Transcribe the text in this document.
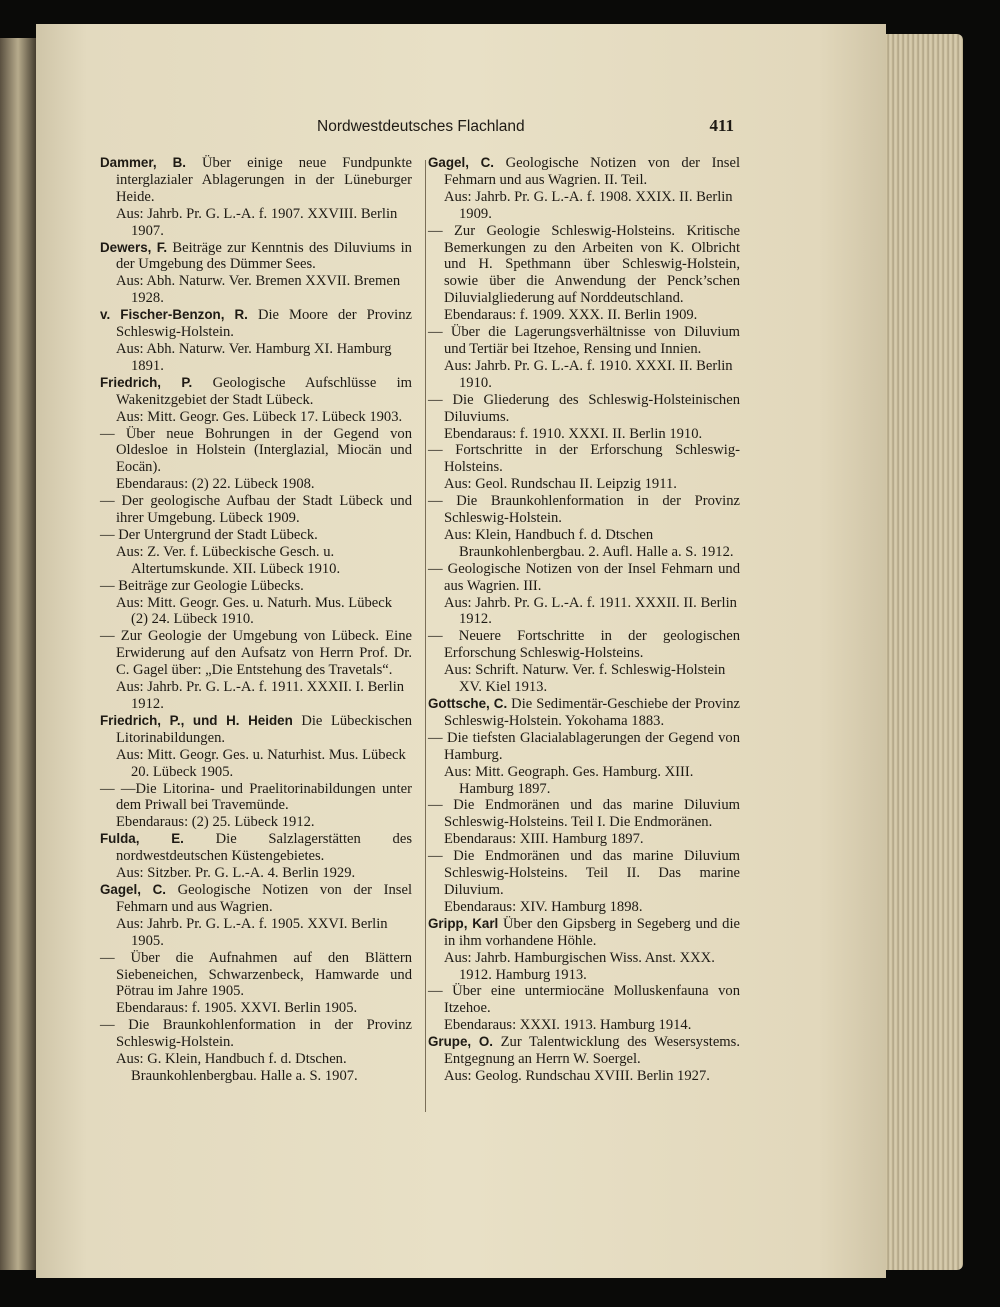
Nordwestdeutsches Flachland	411

Dammer, B. Über einige neue Fundpunkte interglazialer Ablagerungen in der Lüneburger Heide.

Aus: Jahrb. Pr. G. L.-A. f. 1907. XXVIII. Berlin 1907.

Dewers, F. Beiträge zur Kenntnis des Diluviums in der Umgebung des Dümmer Sees.

Aus: Abh. Naturw. Ver. Bremen XXVII. Bremen 1928.

v. Fischer-Benzon, R. Die Moore der Provinz Schleswig-Holstein.

Aus: Abh. Naturw. Ver. Hamburg XI. Hamburg 1891.

Friedrich, P. Geologische Aufschlüsse im Wakenitzgebiet der Stadt Lübeck.

Aus: Mitt. Geogr. Ges. Lübeck 17. Lübeck 1903.

— Über neue Bohrungen in der Gegend von Oldesloe in Holstein (Interglazial, Miocän und Eocän).

Ebendaraus: (2) 22. Lübeck 1908.

— Der geologische Aufbau der Stadt Lübeck und ihrer Umgebung. Lübeck 1909.

— Der Untergrund der Stadt Lübeck.

Aus: Z. Ver. f. Lübeckische Gesch. u. Altertumskunde. XII. Lübeck 1910.

— Beiträge zur Geologie Lübecks.

Aus: Mitt. Geogr. Ges. u. Naturh. Mus. Lübeck (2) 24. Lübeck 1910.

— Zur Geologie der Umgebung von Lübeck. Eine Erwiderung auf den Aufsatz von Herrn Prof. Dr. C. Gagel über: „Die Entstehung des Travetals“.

Aus: Jahrb. Pr. G. L.-A. f. 1911. XXXII. I. Berlin 1912.

Friedrich, P., und H. Heiden Die Lübeckischen Litorinabildungen.

Aus: Mitt. Geogr. Ges. u. Naturhist. Mus. Lübeck 20. Lübeck 1905.

— —Die Litorina- und Praelitorinabildungen unter dem Priwall bei Travemünde.

Ebendaraus: (2) 25. Lübeck 1912.

Fulda, E. Die Salzlagerstätten des nordwestdeutschen Küstengebietes.

Aus: Sitzber. Pr. G. L.-A. 4. Berlin 1929.

Gagel, C. Geologische Notizen von der Insel Fehmarn und aus Wagrien.

Aus: Jahrb. Pr. G. L.-A. f. 1905. XXVI. Berlin 1905.

— Über die Aufnahmen auf den Blättern Siebeneichen, Schwarzenbeck, Hamwarde und Pötrau im Jahre 1905.

Ebendaraus: f. 1905. XXVI. Berlin 1905.

— Die Braunkohlenformation in der Provinz Schleswig-Holstein.

Aus: G. Klein, Handbuch f. d. Dtschen. Braunkohlenbergbau. Halle a. S. 1907.

Gagel, C. Geologische Notizen von der Insel Fehmarn und aus Wagrien. II. Teil.

Aus: Jahrb. Pr. G. L.-A. f. 1908. XXIX. II. Berlin 1909.

— Zur Geologie Schleswig-Holsteins. Kritische Bemerkungen zu den Arbeiten von K. Olbricht und H. Spethmann über Schleswig-Holstein, sowie über die Anwendung der Penck’schen Diluvialgliederung auf Norddeutschland.

Ebendaraus: f. 1909. XXX. II. Berlin 1909.

— Über die Lagerungsverhältnisse von Diluvium und Tertiär bei Itzehoe, Rensing und Innien.

Aus: Jahrb. Pr. G. L.-A. f. 1910. XXXI. II. Berlin 1910.

— Die Gliederung des Schleswig-Holsteinischen Diluviums.

Ebendaraus: f. 1910. XXXI. II. Berlin 1910.

— Fortschritte in der Erforschung Schleswig-Holsteins.

Aus: Geol. Rundschau II. Leipzig 1911.

— Die Braunkohlenformation in der Provinz Schleswig-Holstein.

Aus: Klein, Handbuch f. d. Dtschen Braunkohlenbergbau. 2. Aufl. Halle a. S. 1912.

— Geologische Notizen von der Insel Fehmarn und aus Wagrien. III.

Aus: Jahrb. Pr. G. L.-A. f. 1911. XXXII. II. Berlin 1912.

— Neuere Fortschritte in der geologischen Erforschung Schleswig-Holsteins.

Aus: Schrift. Naturw. Ver. f. Schleswig-Holstein XV. Kiel 1913.

Gottsche, C. Die Sedimentär-Geschiebe der Provinz Schleswig-Holstein. Yokohama 1883.

— Die tiefsten Glacialablagerungen der Gegend von Hamburg.

Aus: Mitt. Geograph. Ges. Hamburg. XIII. Hamburg 1897.

— Die Endmoränen und das marine Diluvium Schleswig-Holsteins. Teil I. Die Endmoränen.

Ebendaraus: XIII. Hamburg 1897.

— Die Endmoränen und das marine Diluvium Schleswig-Holsteins. Teil II. Das marine Diluvium.

Ebendaraus: XIV. Hamburg 1898.

Gripp, Karl Über den Gipsberg in Segeberg und die in ihm vorhandene Höhle.

Aus: Jahrb. Hamburgischen Wiss. Anst. XXX. 1912. Hamburg 1913.

— Über eine untermiocäne Molluskenfauna von Itzehoe.

Ebendaraus: XXXI. 1913. Hamburg 1914.

Grupe, O. Zur Talentwicklung des Wesersystems. Entgegnung an Herrn W. Soergel.

Aus: Geolog. Rundschau XVIII. Berlin 1927.
